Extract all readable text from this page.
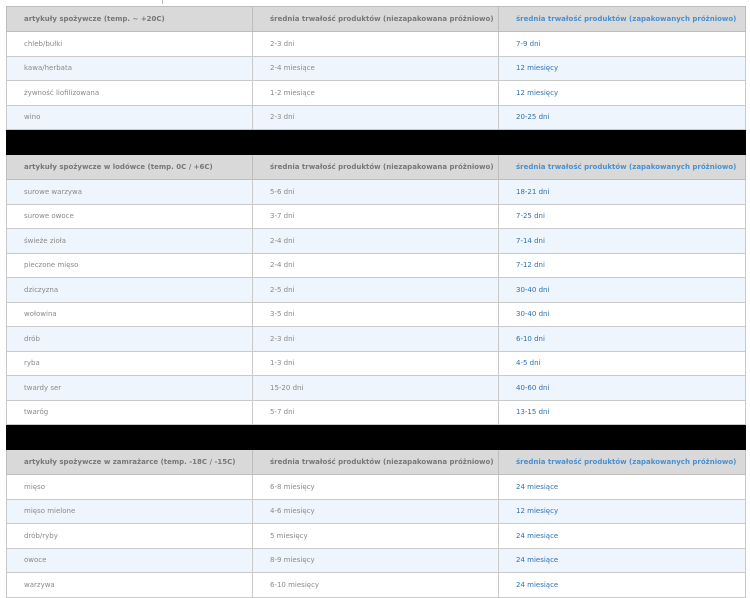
artykuły spożywcze (temp. ~ +20C)	średnia trwałość produktów (niezapakowana próżniowo)	średnia trwałość produktów (zapakowanych próżniowo)
chleb/bułki	2-3 dni	7-9 dni
kawa/herbata	2-4 miesiące	12 miesięcy
żywność liofilizowana	1-2 miesiące	12 miesięcy
wino	2-3 dni	20-25 dni

artykuły spożywcze w lodówce (temp. 0C / +6C)	średnia trwałość produktów (niezapakowana próżniowo)	średnia trwałość produktów (zapakowanych próżniowo)
surowe warzywa	5-6 dni	18-21 dni
surowe owoce	3-7 dni	7-25 dni
świeże zioła	2-4 dni	7-14 dni
pieczone mięso	2-4 dni	7-12 dni
dziczyzna	2-5 dni	30-40 dni
wołowina	3-5 dni	30-40 dni
drób	2-3 dni	6-10 dni
ryba	1-3 dni	4-5 dni
twardy ser	15-20 dni	40-60 dni
twaróg	5-7 dni	13-15 dni

artykuły spożywcze w zamrażarce (temp. -18C / -15C)	średnia trwałość produktów (niezapakowana próżniowo)	średnia trwałość produktów (zapakowanych próżniowo)
mięso	6-8 miesięcy	24 miesiące
mięso mielone	4-6 miesięcy	12 miesięcy
drób/ryby	5 miesięcy	24 miesiące
owoce	8-9 miesięcy	24 miesiące
warzywa	6-10 miesięcy	24 miesiące
